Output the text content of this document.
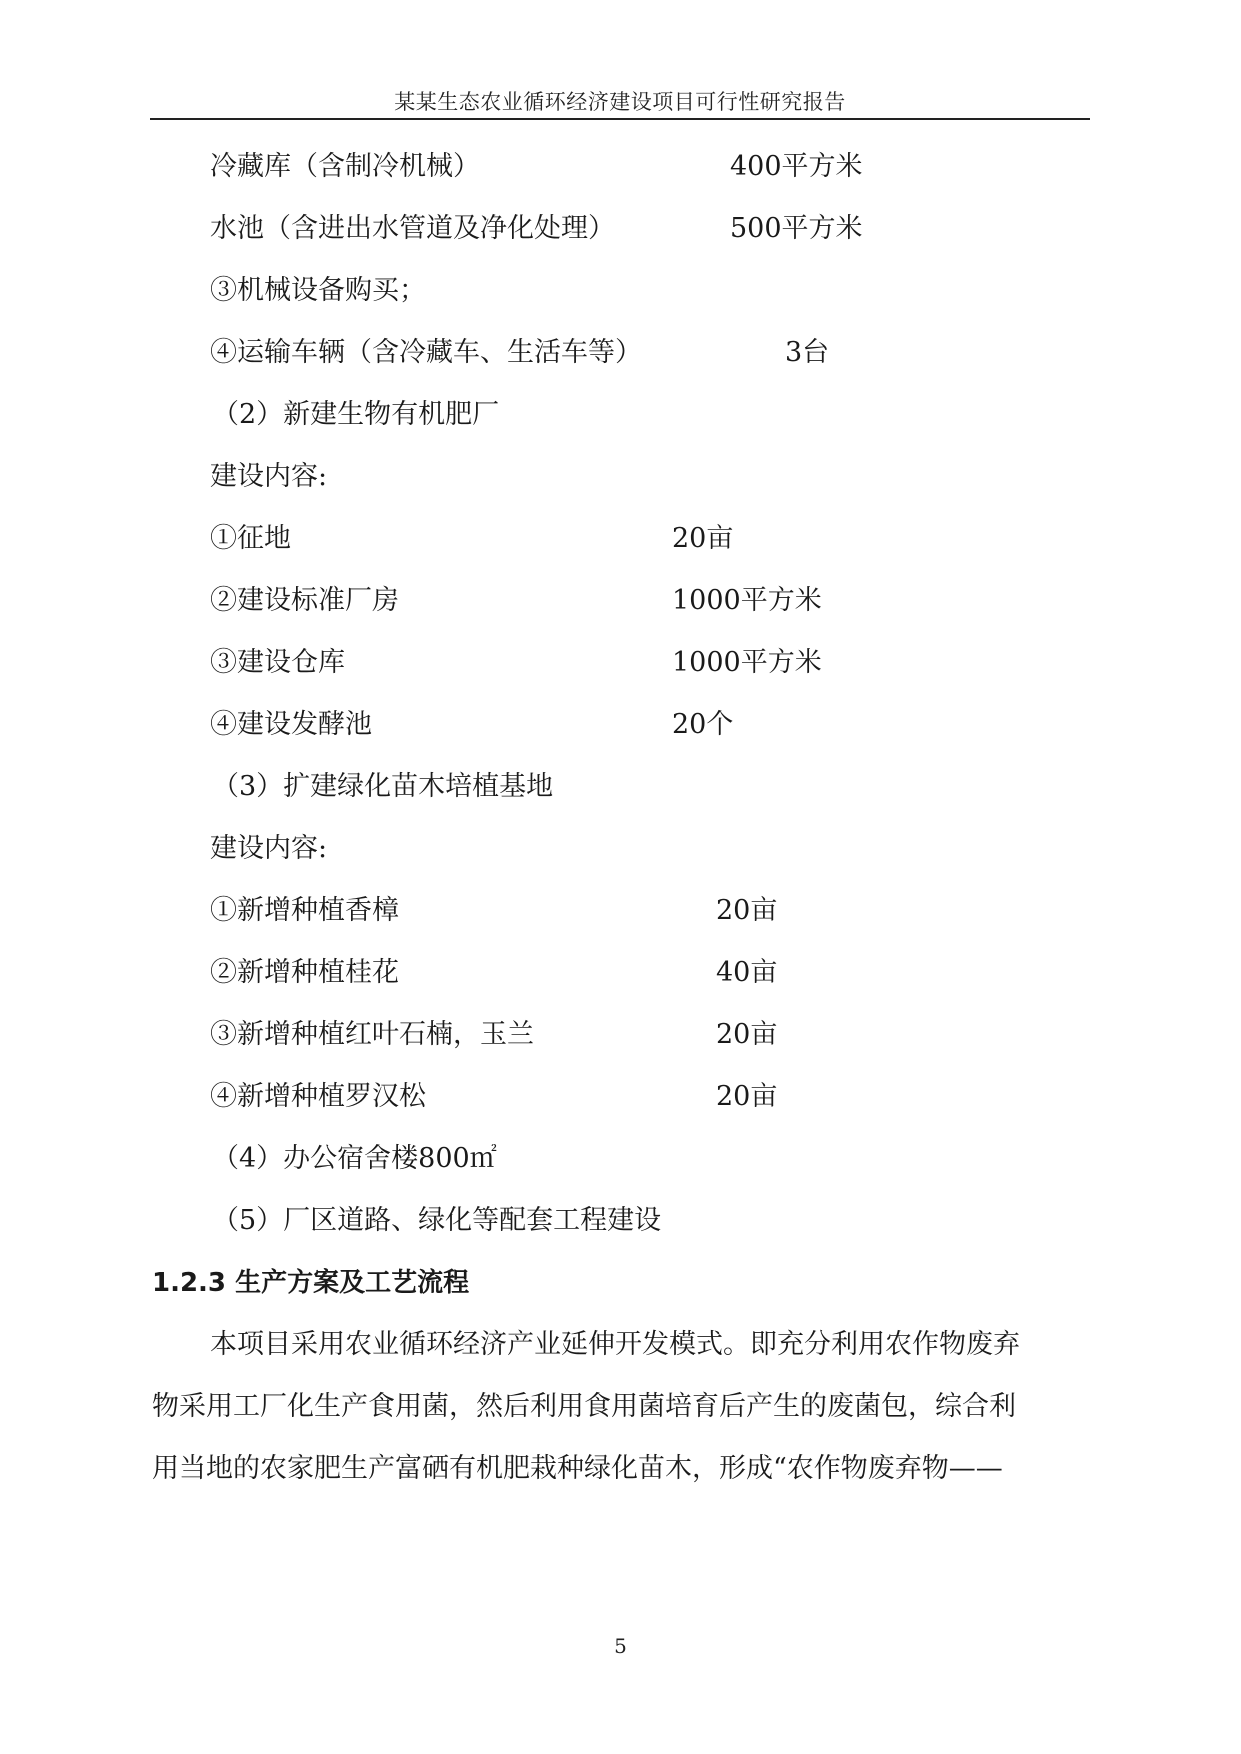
某某生态农业循环经济建设项目可行性研究报告
冷藏库（含制冷机械）	400平方米
水池（含进出水管道及净化处理）	500平方米
③机械设备购买；
④运输车辆（含冷藏车、生活车等）	3台
（2）新建生物有机肥厂
建设内容:
①征地	20亩
②建设标准厂房	1000平方米
③建设仓库	1000平方米
④建设发酵池	20个
（3）扩建绿化苗木培植基地
建设内容:
①新增种植香樟	20亩
②新增种植桂花	40亩
③新增种植红叶石楠，玉兰	20亩
④新增种植罗汉松	20亩
（4）办公宿舍楼800㎡
（5）厂区道路、绿化等配套工程建设
1.2.3 生产方案及工艺流程
本项目采用农业循环经济产业延伸开发模式。即充分利用农作物废弃
物采用工厂化生产食用菌，然后利用食用菌培育后产生的废菌包，综合利
用当地的农家肥生产富硒有机肥栽种绿化苗木，形成“农作物废弃物——
5
